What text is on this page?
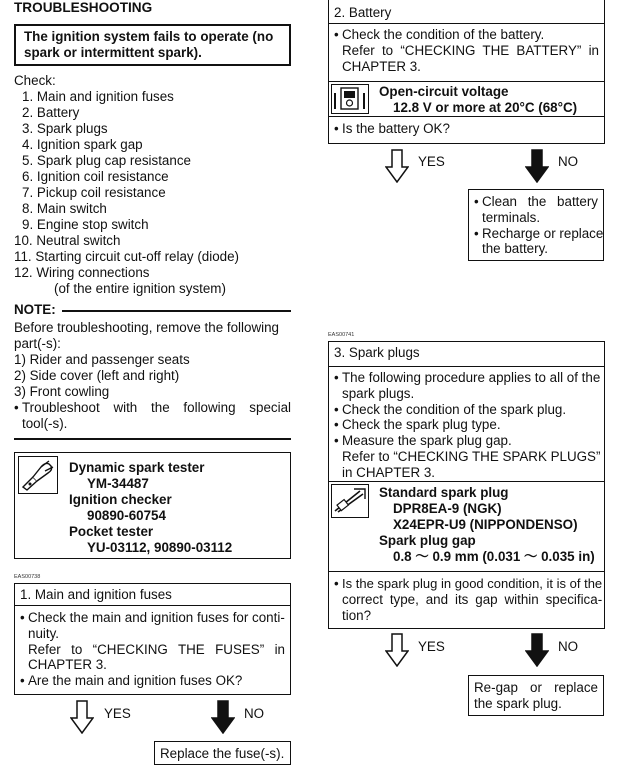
TROUBLESHOOTING
The ignition system fails to operate (no
spark or intermittent spark).
Check:
1. Main and ignition fuses
2. Battery
3. Spark plugs
4. Ignition spark gap
5. Spark plug cap resistance
6. Ignition coil resistance
7. Pickup coil resistance
8. Main switch
9. Engine stop switch
10. Neutral switch
11. Starting circuit cut-off relay (diode)
12. Wiring connections
(of the entire ignition system)
NOTE:
Before troubleshooting, remove the following
part(-s):
1) Rider and passenger seats
2) Side cover (left and right)
3) Front cowling
• Troubleshoot with the following special
tool(-s).
Dynamic spark tester
YM-34487
Ignition checker
90890-60754
Pocket tester
YU-03112, 90890-03112
EAS00738
1. Main and ignition fuses
• Check the main and ignition fuses for conti-
nuity.
Refer to “CHECKING THE FUSES” in
CHAPTER 3.
• Are the main and ignition fuses OK?
YES	NO
Replace the fuse(-s).
2. Battery
• Check the condition of the battery.
Refer to “CHECKING THE BATTERY” in
CHAPTER 3.
Open-circuit voltage
12.8 V or more at 20°C (68°C)
• Is the battery OK?
YES	NO
• Clean the battery
terminals.
• Recharge or replace
the battery.
EAS00741
3. Spark plugs
• The following procedure applies to all of the
spark plugs.
• Check the condition of the spark plug.
• Check the spark plug type.
• Measure the spark plug gap.
Refer to “CHECKING THE SPARK PLUGS”
in CHAPTER 3.
Standard spark plug
DPR8EA-9 (NGK)
X24EPR-U9 (NIPPONDENSO)
Spark plug gap
0.8 ～ 0.9 mm (0.031 ～ 0.035 in)
• Is the spark plug in good condition, it is of the
correct type, and its gap within specifica-
tion?
YES	NO
Re-gap or replace
the spark plug.
